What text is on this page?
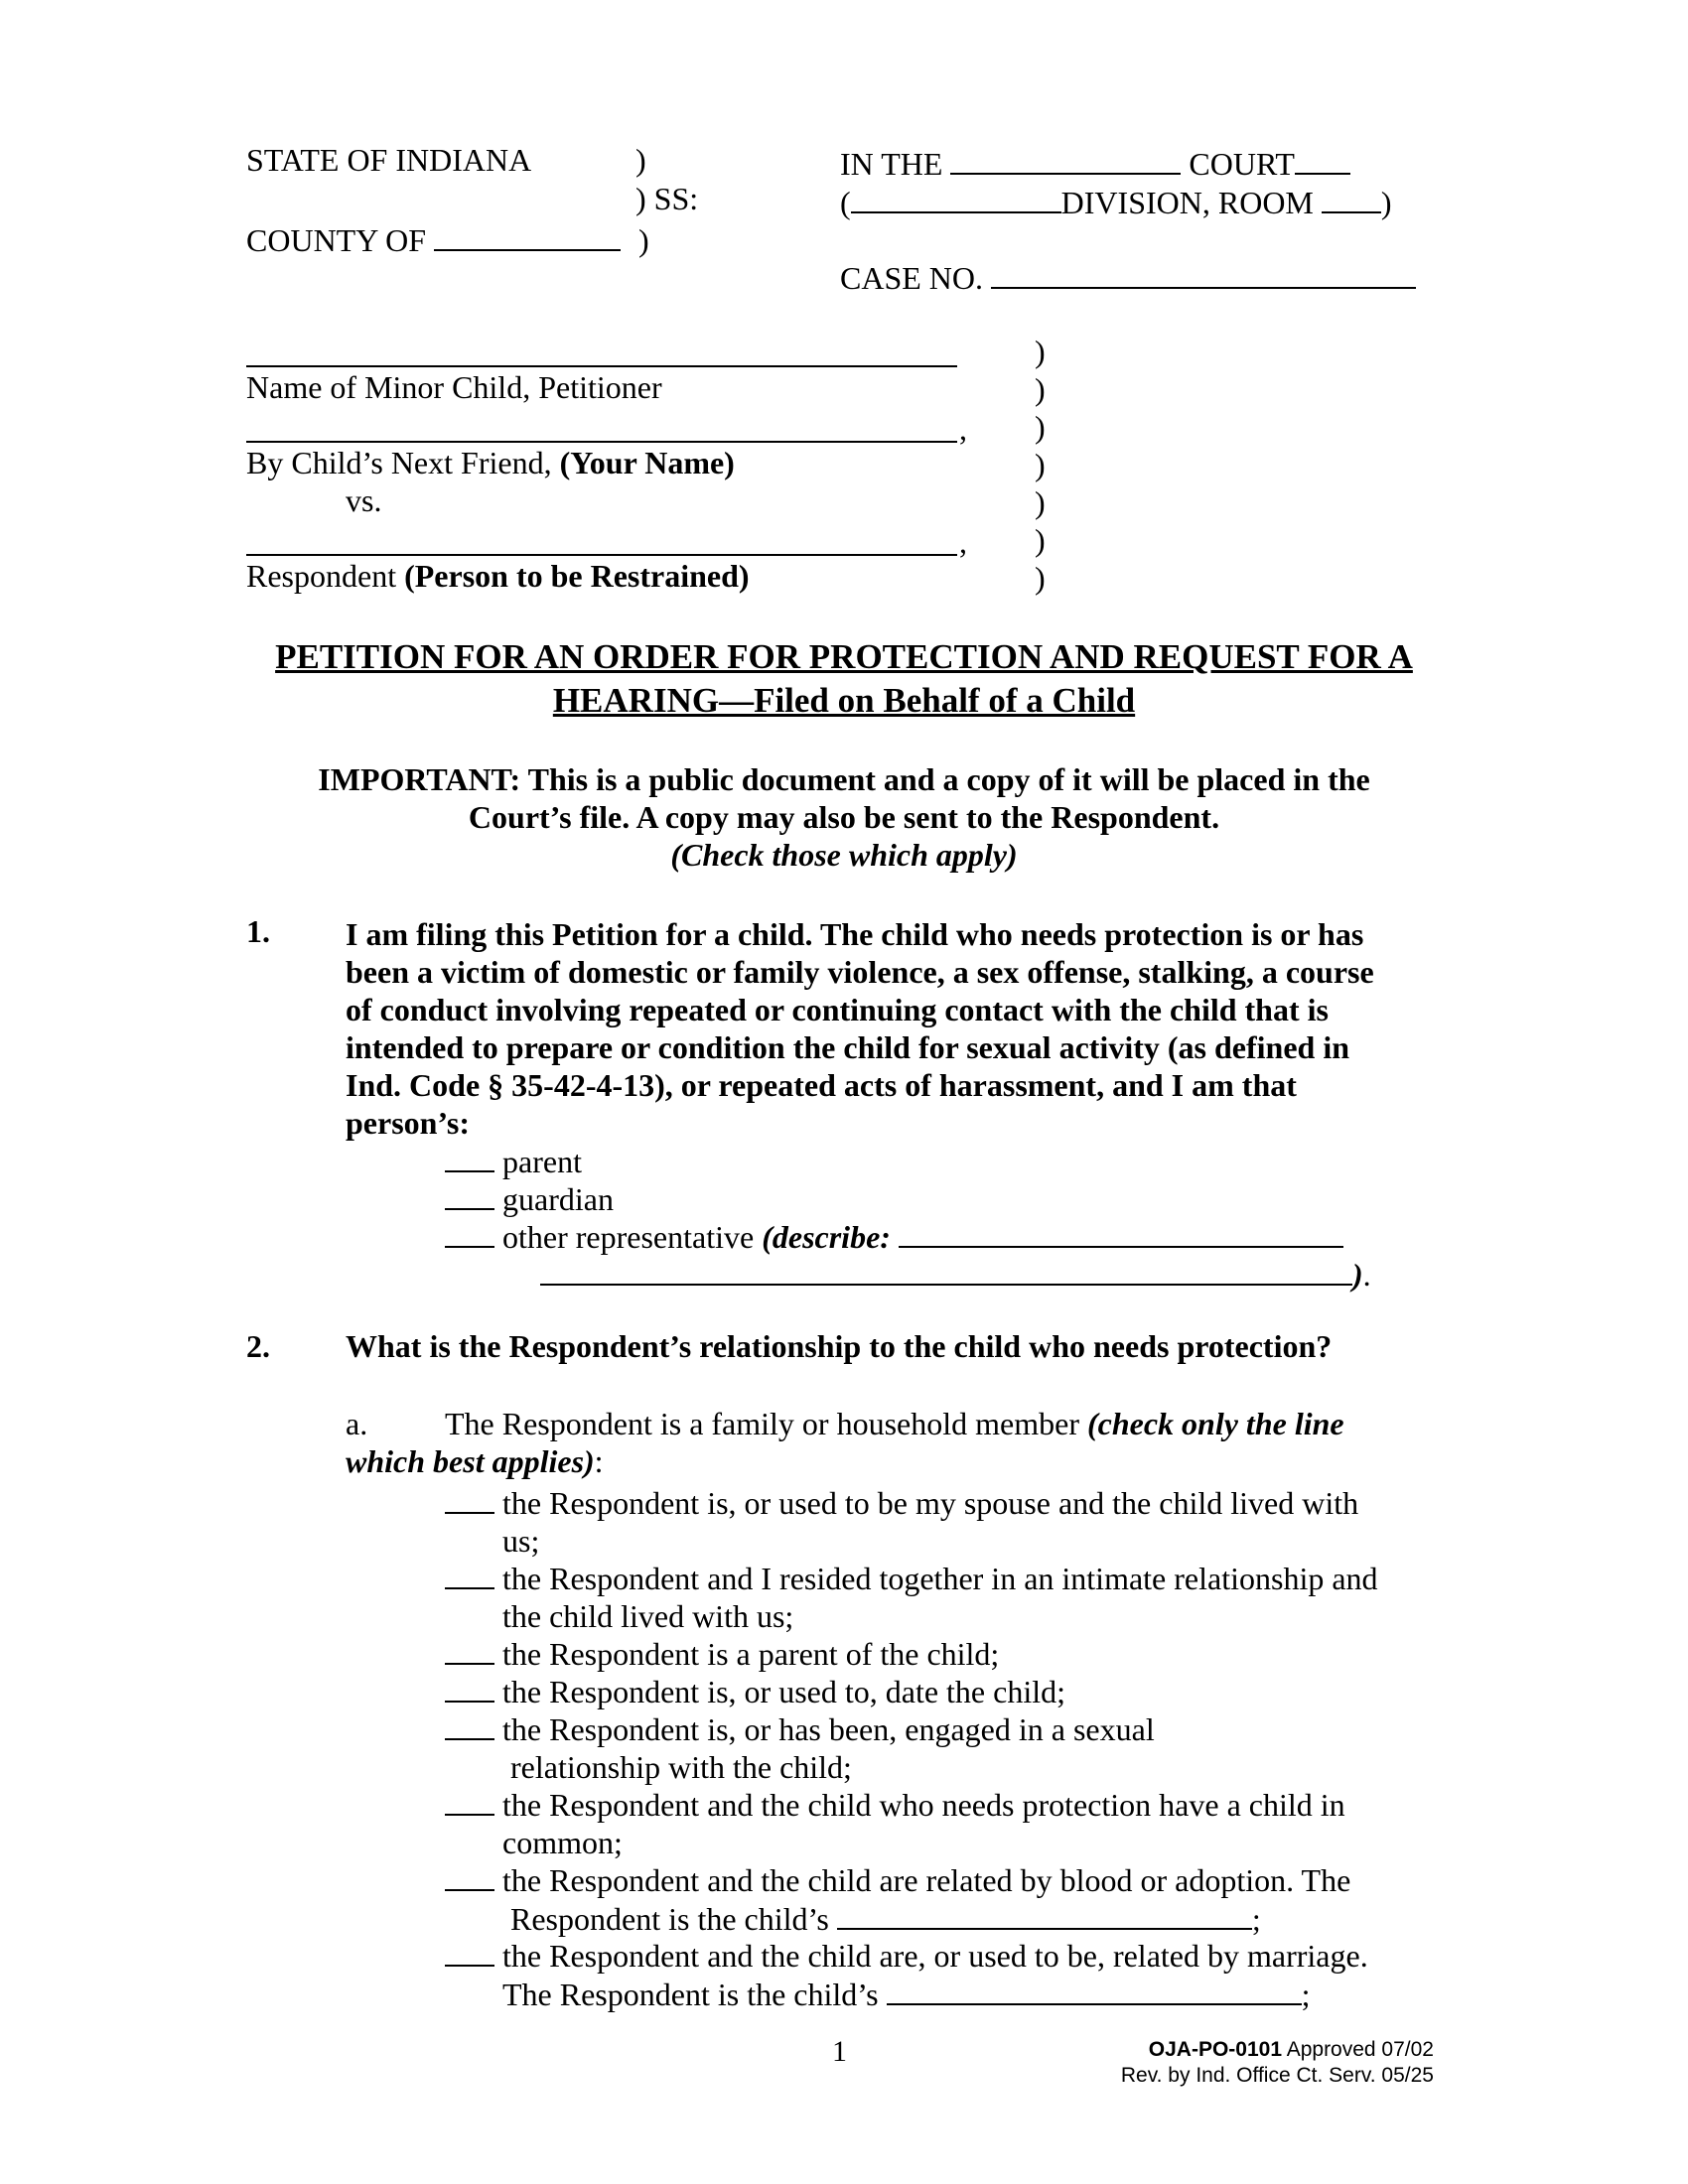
STATE OF INDIANA	)
) SS:
COUNTY OF	)
IN THE	COURT
(	DIVISION, ROOM )
CASE NO.
Name of Minor Child, Petitioner
,
By Child’s Next Friend, (Your Name)
vs.
,
Respondent (Person to be Restrained)
)
)
)
)
)
)
)
PETITION FOR AN ORDER FOR PROTECTION AND REQUEST FOR A
HEARING—Filed on Behalf of a Child
IMPORTANT: This is a public document and a copy of it will be placed in the
Court’s file. A copy may also be sent to the Respondent.
(Check those which apply)
1. I am filing this Petition for a child. The child who needs protection is or has
been a victim of domestic or family violence, a sex offense, stalking, a course
of conduct involving repeated or continuing contact with the child that is
intended to prepare or condition the child for sexual activity (as defined in
Ind. Code § 35-42-4-13), or repeated acts of harassment, and I am that
person’s:
parent
guardian
other representative (describe:
).
2. What is the Respondent’s relationship to the child who needs protection?
a. The Respondent is a family or household member (check only the line
which best applies):
the Respondent is, or used to be my spouse and the child lived with
us;
the Respondent and I resided together in an intimate relationship and
the child lived with us;
the Respondent is a parent of the child;
the Respondent is, or used to, date the child;
the Respondent is, or has been, engaged in a sexual
relationship with the child;
the Respondent and the child who needs protection have a child in
common;
the Respondent and the child are related by blood or adoption. The
Respondent is the child’s	;
the Respondent and the child are, or used to be, related by marriage.
The Respondent is the child’s	;
1	OJA-PO-0101 Approved 07/02
Rev. by Ind. Office Ct. Serv. 05/25
